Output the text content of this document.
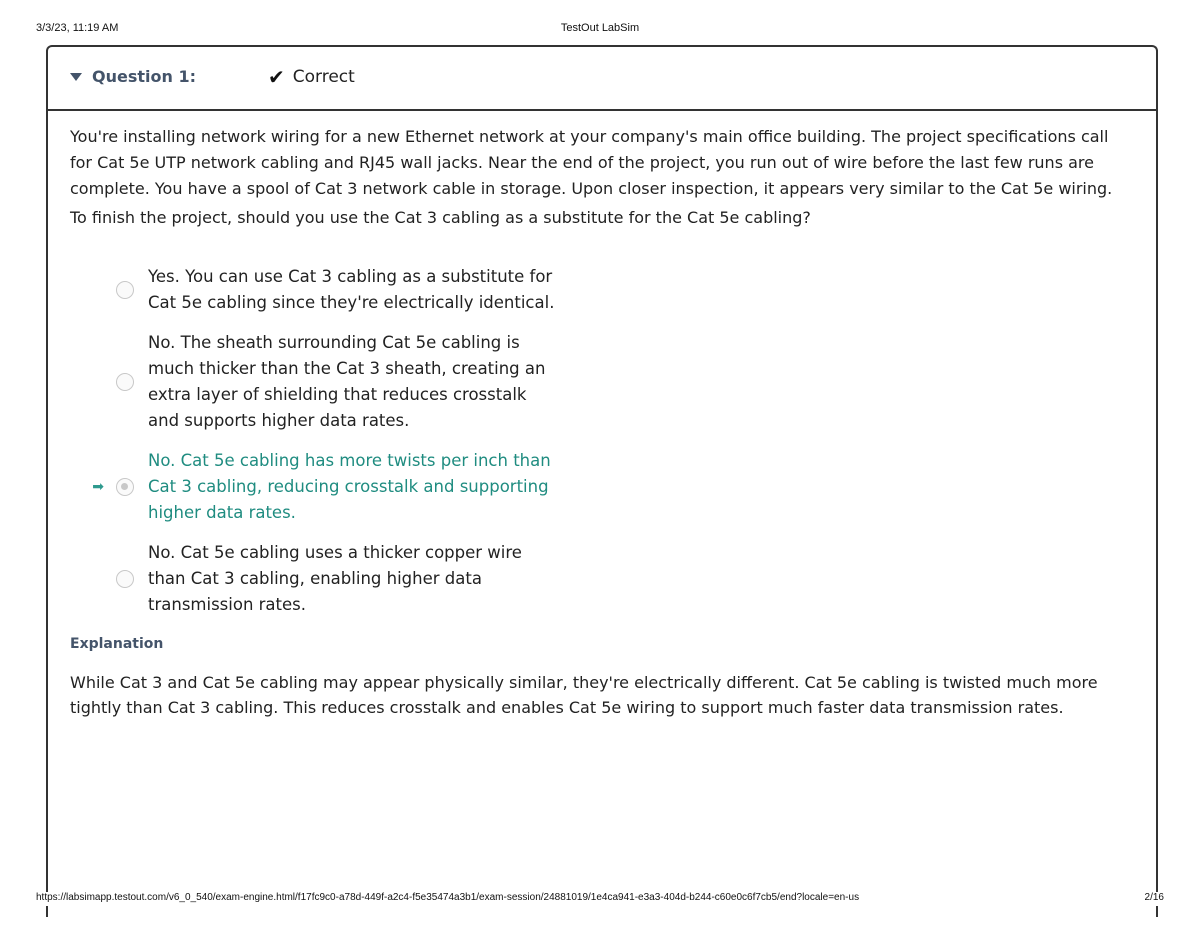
3/3/23, 11:19 AM	TestOut LabSim
Question 1:	✔ Correct

You're installing network wiring for a new Ethernet network at your company's main office building. The project specifications call for Cat 5e UTP network cabling and RJ45 wall jacks. Near the end of the project, you run out of wire before the last few runs are complete. You have a spool of Cat 3 network cable in storage. Upon closer inspection, it appears very similar to the Cat 5e wiring.

To finish the project, should you use the Cat 3 cabling as a substitute for the Cat 5e cabling?

Yes. You can use Cat 3 cabling as a substitute for Cat 5e cabling since they're electrically identical.
No. The sheath surrounding Cat 5e cabling is much thicker than the Cat 3 sheath, creating an extra layer of shielding that reduces crosstalk and supports higher data rates.
➡
No. Cat 5e cabling has more twists per inch than Cat 3 cabling, reducing crosstalk and supporting higher data rates.
No. Cat 5e cabling uses a thicker copper wire than Cat 3 cabling, enabling higher data transmission rates.
Explanation

While Cat 3 and Cat 5e cabling may appear physically similar, they're electrically different. Cat 5e cabling is twisted much more tightly than Cat 3 cabling. This reduces crosstalk and enables Cat 5e wiring to support much faster data transmission rates.

https://labsimapp.testout.com/v6_0_540/exam-engine.html/f17fc9c0-a78d-449f-a2c4-f5e35474a3b1/exam-session/24881019/1e4ca941-e3a3-404d-b244-c60e0c6f7cb5/end?locale=en-us	2/16
